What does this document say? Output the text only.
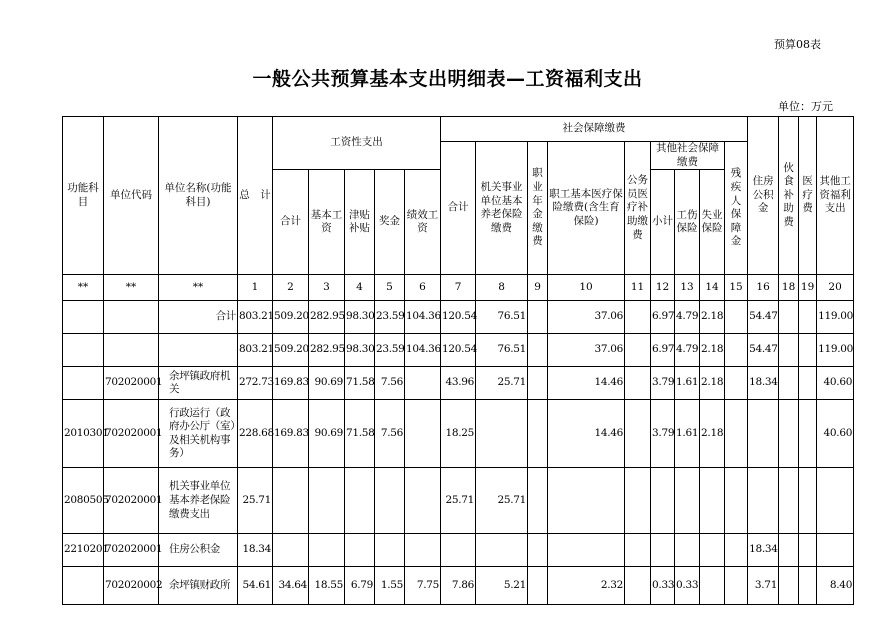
预算08表
一般公共预算基本支出明细表—工资福利支出
单位：万元
功能科目	单位代码	单位名称(功能科目)	总　计	工资性支出					社会保障缴费									住房公积金	伙食补助费	医疗费	其他工资福利支出
									合计	机关事业单位基本养老保险缴费	职业年金缴费	职工基本医疗保险缴费(含生育保险)	公务员医疗补助缴费	其他社会保障缴费			残疾人保障金				
				合计	基本工资	津贴补贴	奖金	绩效工资						小计	工伤保险	失业保险					

**	**	**	1	2	3	4	5	6	7	8	9	10	11	12	13	14	15	16	18	19	20
		合计	803.21	509.20	282.95	98.30	23.59	104.36	120.54	76.51		37.06		6.97	4.79	2.18		54.47			119.00
			803.21	509.20	282.95	98.30	23.59	104.36	120.54	76.51		37.06		6.97	4.79	2.18		54.47			119.00
	702020001	余坪镇政府机关	272.73	169.83	90.69	71.58	7.56		43.96	25.71		14.46		3.79	1.61	2.18		18.34			40.60
2010301	702020001	行政运行（政府办公厅（室）及相关机构事务）	228.68	169.83	90.69	71.58	7.56		18.25			14.46		3.79	1.61	2.18					40.60
2080505	702020001	机关事业单位基本养老保险缴费支出	25.71						25.71	25.71											
2210201	702020001	住房公积金	18.34															18.34			
	702020002	余坪镇财政所	54.61	34.64	18.55	6.79	1.55	7.75	7.86	5.21		2.32		0.33	0.33			3.71			8.40
